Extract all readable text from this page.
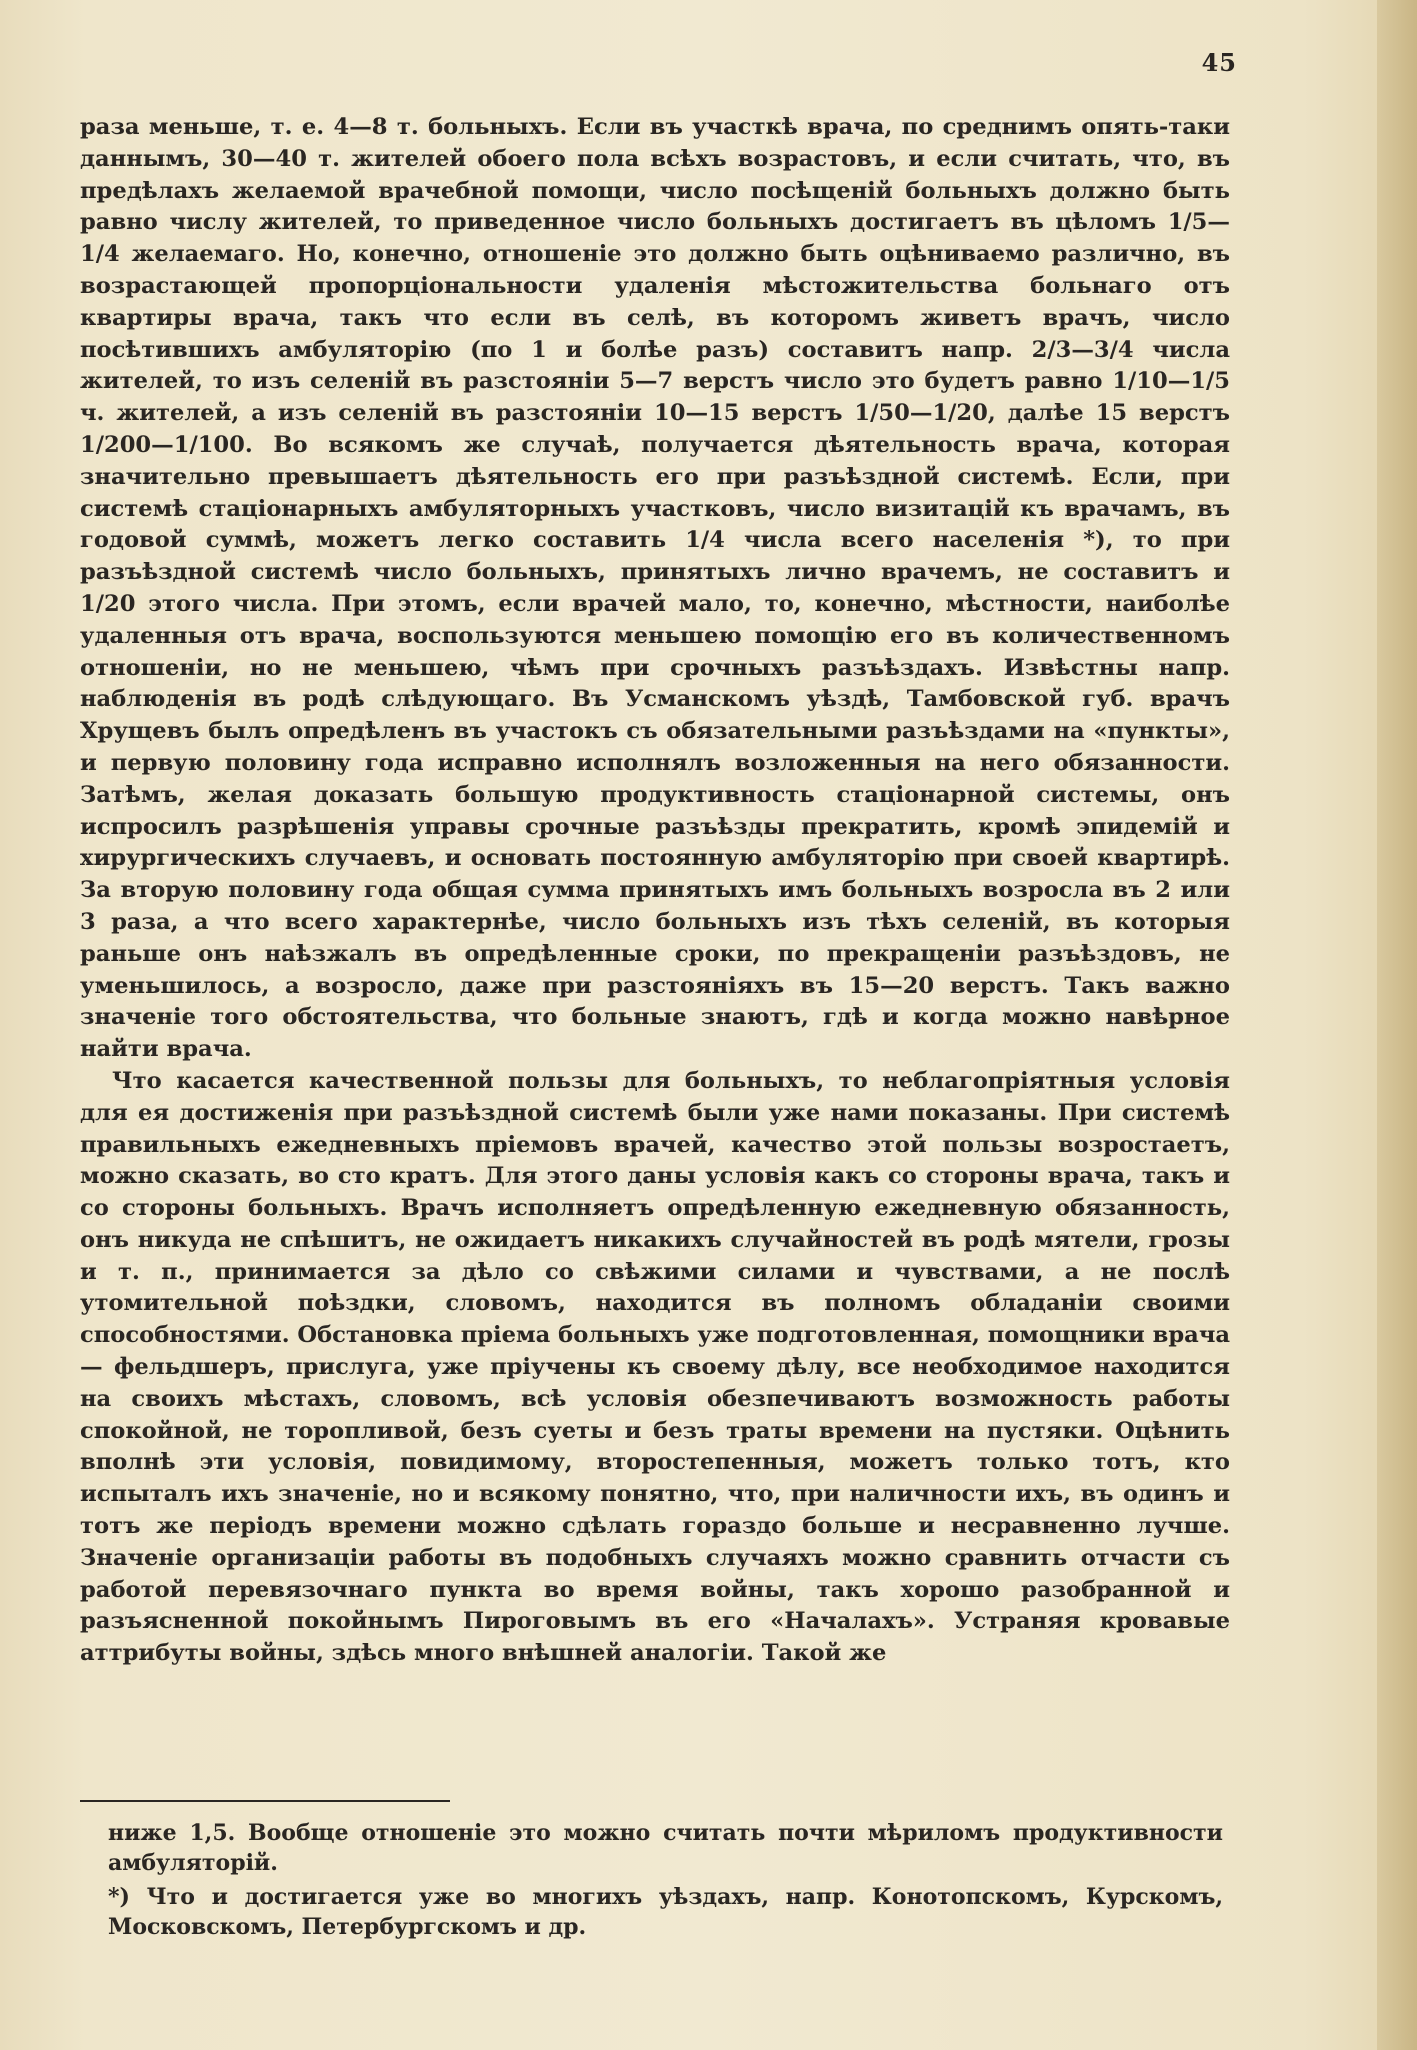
45

раза меньше, т. е. 4—8 т. больныхъ. Если въ участкѣ врача, по среднимъ опять-таки даннымъ, 30—40 т. жителей обоего пола всѣхъ возрастовъ, и если считать, что, въ предѣлахъ желаемой врачебной помощи, число посѣщеній больныхъ должно быть равно числу жителей, то приведенное число больныхъ достигаетъ въ цѣломъ 1/5—1/4 желаемаго. Но, конечно, отношеніе это должно быть оцѣниваемо различно, въ возрастающей пропорціональности удаленія мѣстожительства больнаго отъ квартиры врача, такъ что если въ селѣ, въ которомъ живетъ врачъ, число посѣтившихъ амбуляторію (по 1 и болѣе разъ) составитъ напр. 2/3—3/4 числа жителей, то изъ селеній въ разстояніи 5—7 верстъ число это будетъ равно 1/10—1/5 ч. жителей, а изъ селеній въ разстояніи 10—15 верстъ 1/50—1/20, далѣе 15 верстъ 1/200—1/100. Во всякомъ же случаѣ, получается дѣятельность врача, которая значительно превышаетъ дѣятельность его при разъѣздной системѣ. Если, при системѣ стаціонарныхъ амбуляторныхъ участковъ, число визитацій къ врачамъ, въ годовой суммѣ, можетъ легко составить 1/4 числа всего населенія *), то при разъѣздной системѣ число больныхъ, принятыхъ лично врачемъ, не составитъ и 1/20 этого числа. При этомъ, если врачей мало, то, конечно, мѣстности, наиболѣе удаленныя отъ врача, воспользуются меньшею помощію его въ количественномъ отношеніи, но не меньшею, чѣмъ при срочныхъ разъѣздахъ. Извѣстны напр. наблюденія въ родѣ слѣдующаго. Въ Усманскомъ уѣздѣ, Тамбовской губ. врачъ Хрущевъ былъ опредѣленъ въ участокъ съ обязательными разъѣздами на «пункты», и первую половину года исправно исполнялъ возложенныя на него обязанности. Затѣмъ, желая доказать большую продуктивность стаціонарной системы, онъ испросилъ разрѣшенія управы срочные разъѣзды прекратить, кромѣ эпидемій и хирургическихъ случаевъ, и основать постоянную амбуляторію при своей квартирѣ. За вторую половину года общая сумма принятыхъ имъ больныхъ возросла въ 2 или 3 раза, а что всего характернѣе, число больныхъ изъ тѣхъ селеній, въ которыя раньше онъ наѣзжалъ въ опредѣленные сроки, по прекращеніи разъѣздовъ, не уменьшилось, а возросло, даже при разстояніяхъ въ 15—20 верстъ. Такъ важно значеніе того обстоятельства, что больные знаютъ, гдѣ и когда можно навѣрное найти врача.

Что касается качественной пользы для больныхъ, то неблагопріятныя условія для ея достиженія при разъѣздной системѣ были уже нами показаны. При системѣ правильныхъ ежедневныхъ пріемовъ врачей, качество этой пользы возростаетъ, можно сказать, во сто кратъ. Для этого даны условія какъ со стороны врача, такъ и со стороны больныхъ. Врачъ исполняетъ опредѣленную ежедневную обязанность, онъ никуда не спѣшитъ, не ожидаетъ никакихъ случайностей въ родѣ мятели, грозы и т. п., принимается за дѣло со свѣжими силами и чувствами, а не послѣ утомительной поѣздки, словомъ, находится въ полномъ обладаніи своими способностями. Обстановка пріема больныхъ уже подготовленная, помощники врача — фельдшеръ, прислуга, уже пріучены къ своему дѣлу, все необходимое находится на своихъ мѣстахъ, словомъ, всѣ условія обезпечиваютъ возможность работы спокойной, не торопливой, безъ суеты и безъ траты времени на пустяки. Оцѣнить вполнѣ эти условія, повидимому, второстепенныя, можетъ только тотъ, кто испыталъ ихъ значеніе, но и всякому понятно, что, при наличности ихъ, въ одинъ и тотъ же періодъ времени можно сдѣлать гораздо больше и несравненно лучше. Значеніе организаціи работы въ подобныхъ случаяхъ можно сравнить отчасти съ работой перевязочнаго пункта во время войны, такъ хорошо разобранной и разъясненной покойнымъ Пироговымъ въ его «Началахъ». Устраняя кровавые аттрибуты войны, здѣсь много внѣшней аналогіи. Такой же

ниже 1,5. Вообще отношеніе это можно считать почти мѣриломъ продуктивности амбуляторій.

*) Что и достигается уже во многихъ уѣздахъ, напр. Конотопскомъ, Курскомъ, Московскомъ, Петербургскомъ и др.
